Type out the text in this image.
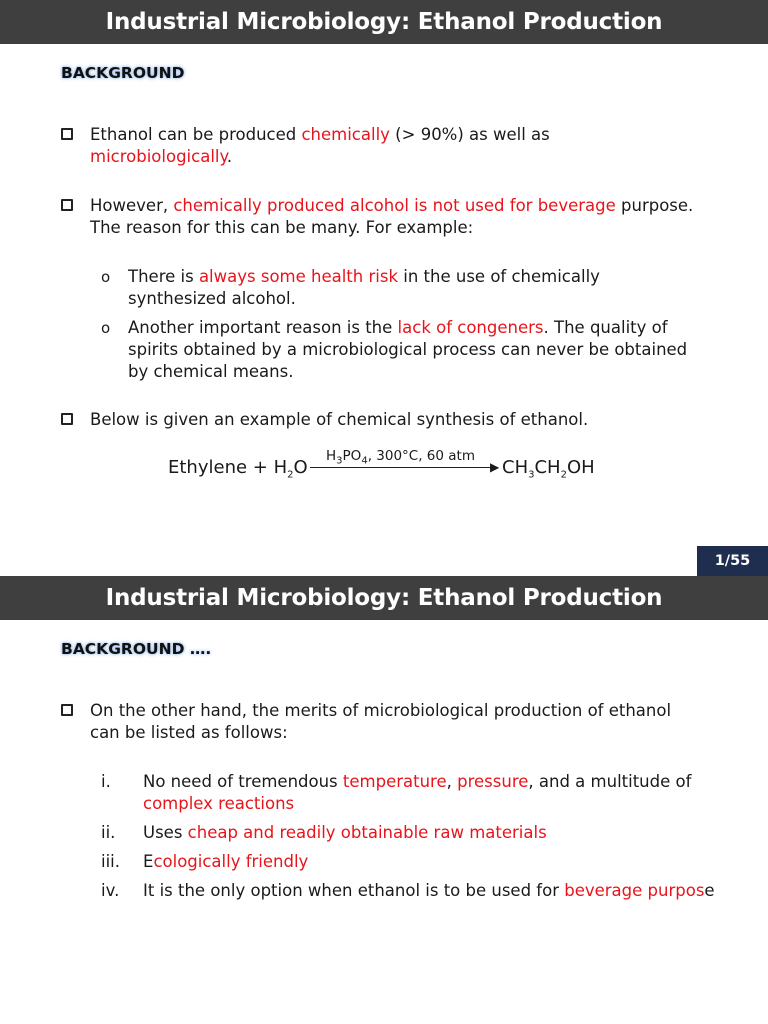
Industrial Microbiology: Ethanol Production
BACKGROUND
Ethanol can be produced chemically (> 90%) as well as
microbiologically.
However, chemically produced alcohol is not used for beverage purpose. The reason for this can be many. For example:
o There is always some health risk in the use of chemically synthesized alcohol.
o Another important reason is the lack of congeners. The quality of spirits obtained by a microbiological process can never be obtained by chemical means.
Below is given an example of chemical synthesis of ethanol.
Ethylene + $H_2O$
$H_3PO_4$, 300°C, 60 atm
▶ $CH_3CH_2OH$
1/55
Industrial Microbiology: Ethanol Production
BACKGROUND ….
On the other hand, the merits of microbiological production of ethanol can be listed as follows:
i. No need of tremendous temperature, pressure, and a multitude of complex reactions
ii. Uses cheap and readily obtainable raw materials
iii. Ecologically friendly
iv. It is the only option when ethanol is to be used for beverage purpose
